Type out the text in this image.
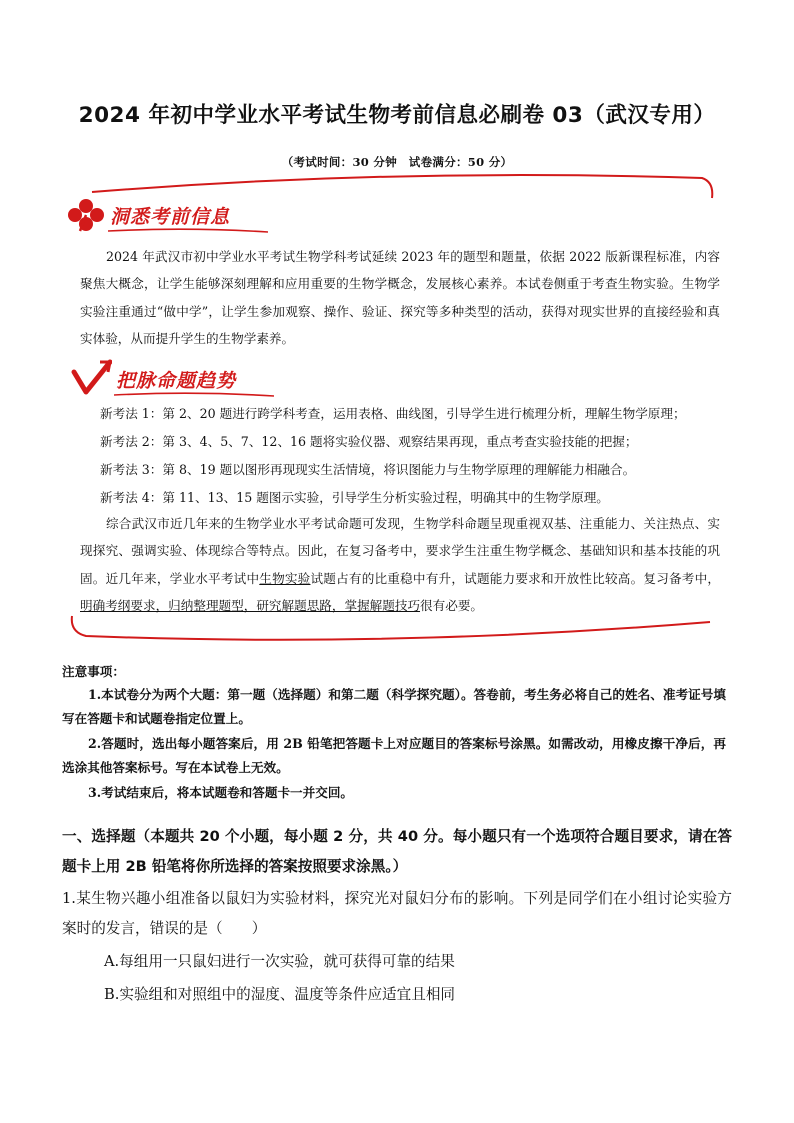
2024 年初中学业水平考试生物考前信息必刷卷 03（武汉专用）
（考试时间：30 分钟　试卷满分：50 分）
洞悉考前信息

2024 年武汉市初中学业水平考试生物学科考试延续 2023 年的题型和题量，依据 2022 版新课程标准，内容聚焦大概念，让学生能够深刻理解和应用重要的生物学概念，发展核心素养。本试卷侧重于考查生物实验。生物学实验注重通过“做中学”，让学生参加观察、操作、验证、探究等多种类型的活动，获得对现实世界的直接经验和真实体验，从而提升学生的生物学素养。

把脉命题趋势
新考法 1：第 2、20 题进行跨学科考查，运用表格、曲线图，引导学生进行梳理分析，理解生物学原理；
新考法 2：第 3、4、5、7、12、16 题将实验仪器、观察结果再现，重点考查实验技能的把握；
新考法 3：第 8、19 题以图形再现现实生活情境，将识图能力与生物学原理的理解能力相融合。
新考法 4：第 11、13、15 题图示实验，引导学生分析实验过程，明确其中的生物学原理。

综合武汉市近几年来的生物学业水平考试命题可发现，生物学科命题呈现重视双基、注重能力、关注热点、实现探究、强调实验、体现综合等特点。因此，在复习备考中，要求学生注重生物学概念、基础知识和基本技能的巩固。近几年来，学业水平考试中生物实验试题占有的比重稳中有升，试题能力要求和开放性比较高。复习备考中，明确考纲要求，归纳整理题型，研究解题思路，掌握解题技巧很有必要。

注意事项：

1.本试卷分为两个大题：第一题（选择题）和第二题（科学探究题）。答卷前，考生务必将自己的姓名、准考证号填写在答题卡和试题卷指定位置上。

2.答题时，选出每小题答案后，用 2B 铅笔把答题卡上对应题目的答案标号涂黑。如需改动，用橡皮擦干净后，再选涂其他答案标号。写在本试卷上无效。

3.考试结束后，将本试题卷和答题卡一并交回。

一、选择题（本题共 20 个小题，每小题 2 分，共 40 分。每小题只有一个选项符合题目要求，请在答题卡上用 2B 铅笔将你所选择的答案按照要求涂黑。）
1.某生物兴趣小组准备以鼠妇为实验材料，探究光对鼠妇分布的影响。下列是同学们在小组讨论实验方案时的发言，错误的是（　　）
A.每组用一只鼠妇进行一次实验，就可获得可靠的结果
B.实验组和对照组中的湿度、温度等条件应适宜且相同
